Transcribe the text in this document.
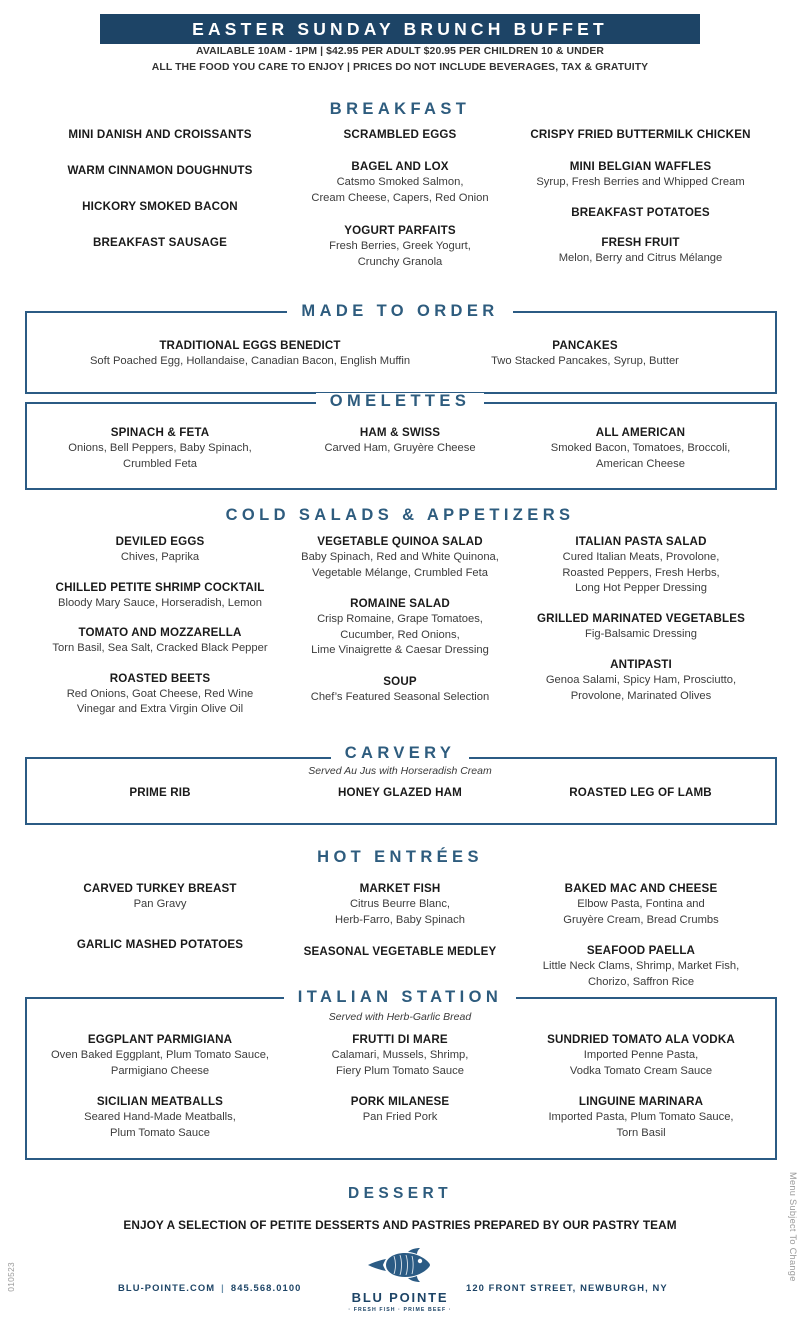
EASTER SUNDAY BRUNCH BUFFET
AVAILABLE 10AM - 1PM | $42.95 PER ADULT $20.95 PER CHILDREN 10 & UNDER
ALL THE FOOD YOU CARE TO ENJOY | PRICES DO NOT INCLUDE BEVERAGES, TAX & GRATUITY
BREAKFAST
MINI DANISH AND CROISSANTS
WARM CINNAMON DOUGHNUTS
HICKORY SMOKED BACON
BREAKFAST SAUSAGE
SCRAMBLED EGGS
BAGEL AND LOX
Catsmo Smoked Salmon,
Cream Cheese, Capers, Red Onion
YOGURT PARFAITS
Fresh Berries, Greek Yogurt,
Crunchy Granola
CRISPY FRIED BUTTERMILK CHICKEN
MINI BELGIAN WAFFLES
Syrup, Fresh Berries and Whipped Cream
BREAKFAST POTATOES
FRESH FRUIT
Melon, Berry and Citrus Mélange
MADE TO ORDER
TRADITIONAL EGGS BENEDICT
Soft Poached Egg, Hollandaise, Canadian Bacon, English Muffin
PANCAKES
Two Stacked Pancakes, Syrup, Butter
OMELETTES
SPINACH & FETA
Onions, Bell Peppers, Baby Spinach,
Crumbled Feta
HAM & SWISS
Carved Ham, Gruyère Cheese
ALL AMERICAN
Smoked Bacon, Tomatoes, Broccoli,
American Cheese
COLD SALADS & APPETIZERS
DEVILED EGGS
Chives, Paprika
CHILLED PETITE SHRIMP COCKTAIL
Bloody Mary Sauce, Horseradish, Lemon
TOMATO AND MOZZARELLA
Torn Basil, Sea Salt, Cracked Black Pepper
ROASTED BEETS
Red Onions, Goat Cheese, Red Wine
Vinegar and Extra Virgin Olive Oil
VEGETABLE QUINOA SALAD
Baby Spinach, Red and White Quinona,
Vegetable Mélange, Crumbled Feta
ROMAINE SALAD
Crisp Romaine, Grape Tomatoes,
Cucumber, Red Onions,
Lime Vinaigrette & Caesar Dressing
SOUP
Chef’s Featured Seasonal Selection
ITALIAN PASTA SALAD
Cured Italian Meats, Provolone,
Roasted Peppers, Fresh Herbs,
Long Hot Pepper Dressing
GRILLED MARINATED VEGETABLES
Fig-Balsamic Dressing
ANTIPASTI
Genoa Salami, Spicy Ham, Prosciutto,
Provolone, Marinated Olives
CARVERY
Served Au Jus with Horseradish Cream
PRIME RIB	HONEY GLAZED HAM	ROASTED LEG OF LAMB
HOT ENTRÉES
CARVED TURKEY BREAST
Pan Gravy
GARLIC MASHED POTATOES
MARKET FISH
Citrus Beurre Blanc,
Herb-Farro, Baby Spinach
SEASONAL VEGETABLE MEDLEY
BAKED MAC AND CHEESE
Elbow Pasta, Fontina and
Gruyère Cream, Bread Crumbs
SEAFOOD PAELLA
Little Neck Clams, Shrimp, Market Fish,
Chorizo, Saffron Rice
ITALIAN STATION
Served with Herb-Garlic Bread
EGGPLANT PARMIGIANA
Oven Baked Eggplant, Plum Tomato Sauce,
Parmigiano Cheese
SICILIAN MEATBALLS
Seared Hand-Made Meatballs,
Plum Tomato Sauce
FRUTTI DI MARE
Calamari, Mussels, Shrimp,
Fiery Plum Tomato Sauce
PORK MILANESE
Pan Fried Pork
SUNDRIED TOMATO ALA VODKA
Imported Penne Pasta,
Vodka Tomato Cream Sauce
LINGUINE MARINARA
Imported Pasta, Plum Tomato Sauce,
Torn Basil
DESSERT
ENJOY A SELECTION OF PETITE DESSERTS AND PASTRIES PREPARED BY OUR PASTRY TEAM
BLU-POINTE.COM | 845.568.0100
BLU POINTE
· FRESH FISH · PRIME BEEF ·
120 FRONT STREET, NEWBURGH, NY
Menu Subject To Change
010523
